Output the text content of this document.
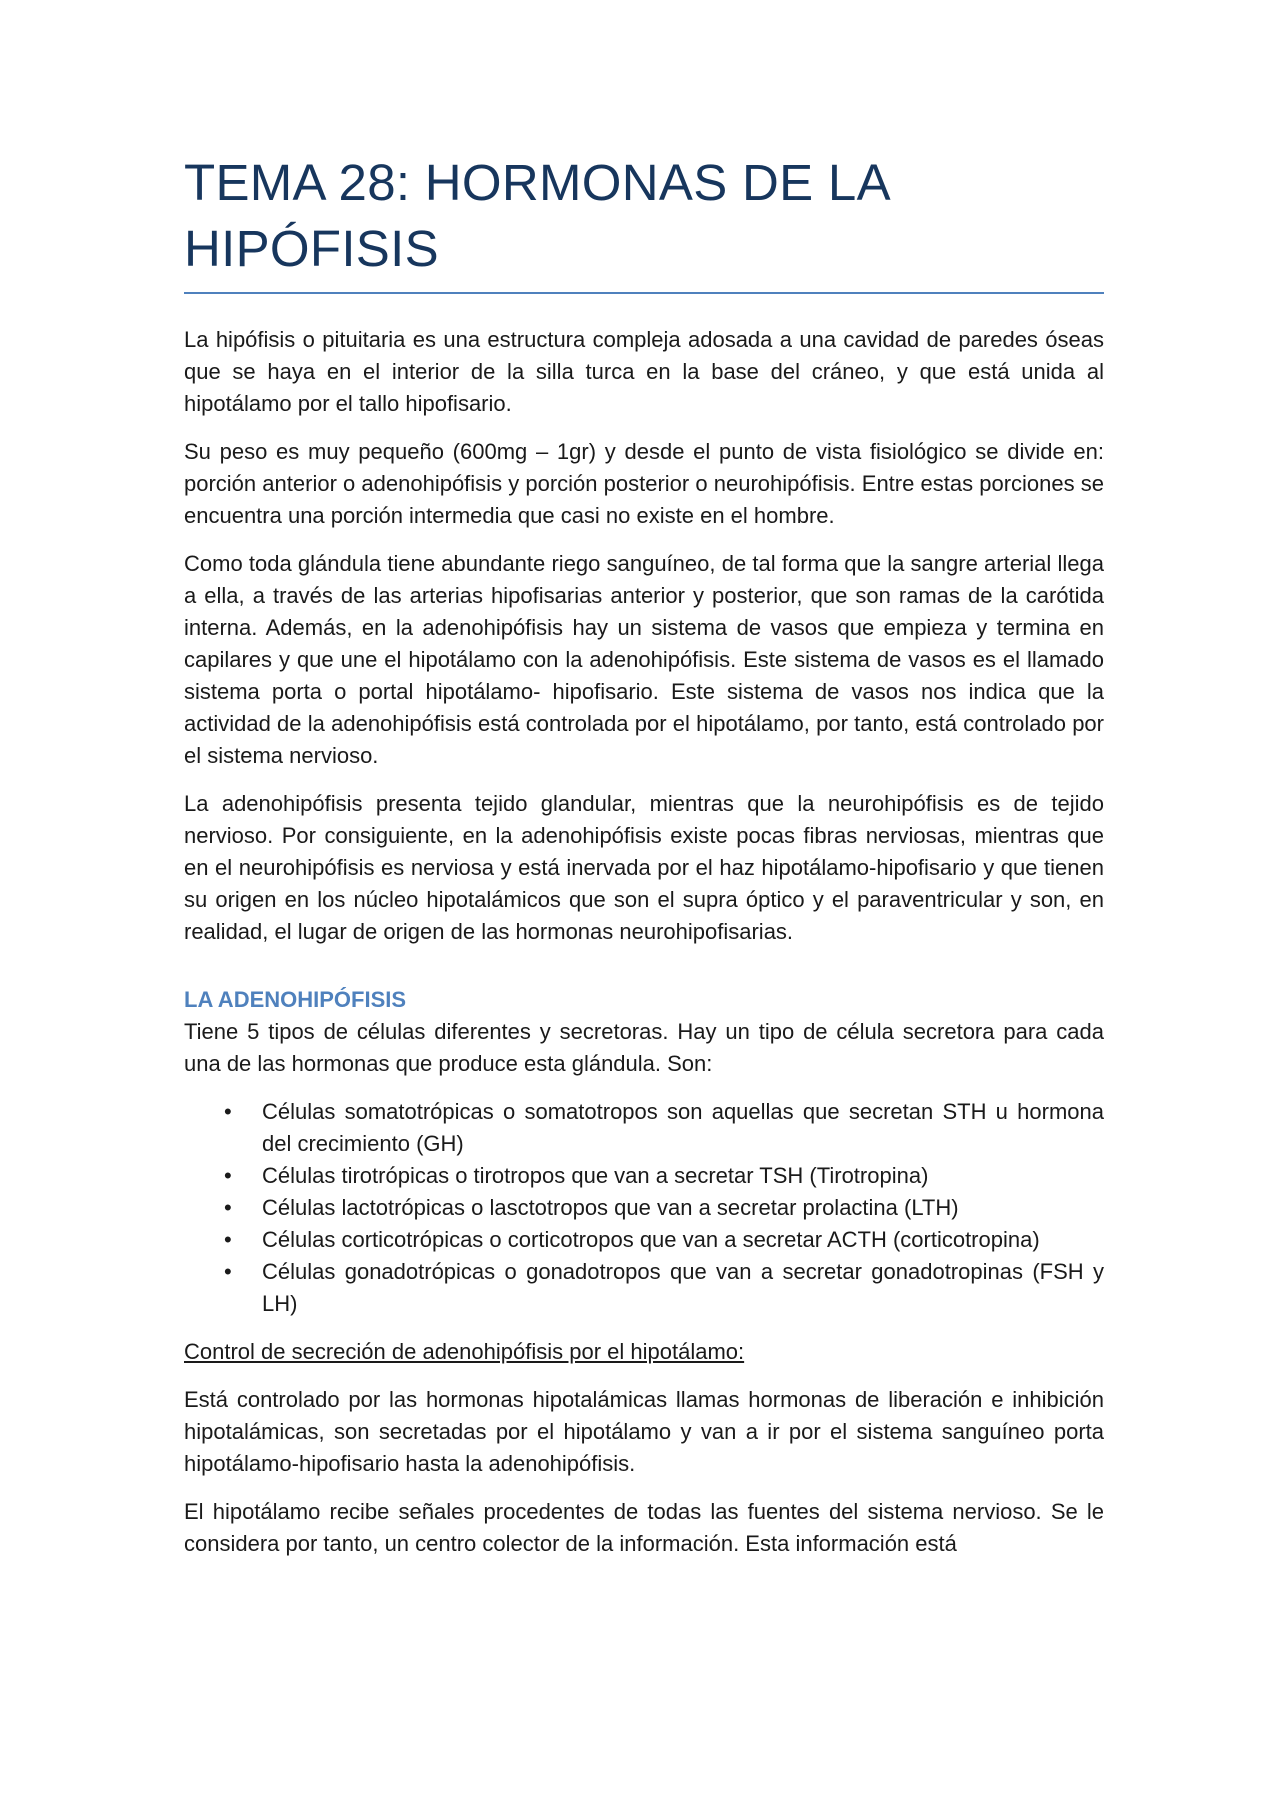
TEMA 28: HORMONAS DE LA HIPÓFISIS

La hipófisis o pituitaria es una estructura compleja adosada a una cavidad de paredes óseas que se haya en el interior de la silla turca en la base del cráneo, y que está unida al hipotálamo por el tallo hipofisario.

Su peso es muy pequeño (600mg – 1gr) y desde el punto de vista fisiológico se divide en: porción anterior o adenohipófisis y porción posterior o neurohipófisis. Entre estas porciones se encuentra una porción intermedia que casi no existe en el hombre.

Como toda glándula tiene abundante riego sanguíneo, de tal forma que la sangre arterial llega a ella, a través de las arterias hipofisarias anterior y posterior, que son ramas de la carótida interna. Además, en la adenohipófisis hay un sistema de vasos que empieza y termina en capilares y que une el hipotálamo con la adenohipófisis. Este sistema de vasos es el llamado sistema porta o portal hipotálamo- hipofisario. Este sistema de vasos nos indica que la actividad de la adenohipófisis está controlada por el hipotálamo, por tanto, está controlado por el sistema nervioso.

La adenohipófisis presenta tejido glandular, mientras que la neurohipófisis es de tejido nervioso. Por consiguiente, en la adenohipófisis existe pocas fibras nerviosas, mientras que en el neurohipófisis es nerviosa y está inervada por el haz hipotálamo-hipofisario y que tienen su origen en los núcleo hipotalámicos que son el supra óptico y el paraventricular y son, en realidad, el lugar de origen de las hormonas neurohipofisarias.

LA ADENOHIPÓFISIS

Tiene 5 tipos de células diferentes y secretoras. Hay un tipo de célula secretora para cada una de las hormonas que produce esta glándula. Son:

• Células somatotrópicas o somatotropos son aquellas que secretan STH u hormona del crecimiento (GH)
• Células tirotrópicas o tirotropos que van a secretar TSH (Tirotropina)
• Células lactotrópicas o lasctotropos que van a secretar prolactina (LTH)
• Células corticotrópicas o corticotropos que van a secretar ACTH (corticotropina)
• Células gonadotrópicas o gonadotropos que van a secretar gonadotropinas (FSH y LH)
Control de secreción de adenohipófisis por el hipotálamo:

Está controlado por las hormonas hipotalámicas llamas hormonas de liberación e inhibición hipotalámicas, son secretadas por el hipotálamo y van a ir por el sistema sanguíneo porta hipotálamo-hipofisario hasta la adenohipófisis.

El hipotálamo recibe señales procedentes de todas las fuentes del sistema nervioso. Se le considera por tanto, un centro colector de la información. Esta información está
